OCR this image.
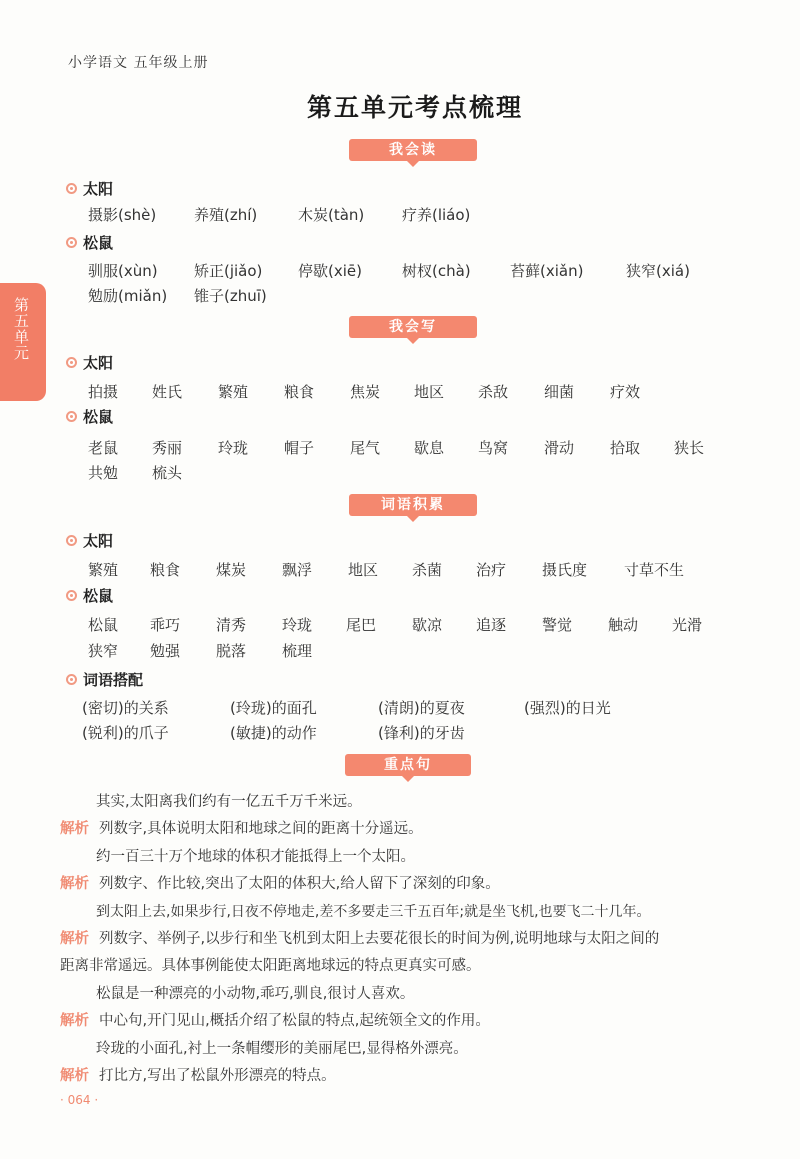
小学语文 五年级上册
第五单元考点梳理
第五单元
我会读
太阳
摄影(shè)	养殖(zhí)	木炭(tàn)	疗养(liáo)
松鼠
驯服(xùn) 矫正(jiǎo) 停歇(xiē)	树杈(chà)	苔藓(xiǎn)	狭窄(xiá)
勉励(miǎn) 锥子(zhuī)
我会写
太阳
拍摄 姓氏 繁殖 粮食 焦炭 地区 杀敌 细菌 疗效
松鼠
老鼠 秀丽 玲珑 帽子 尾气 歇息 鸟窝 滑动 拾取 狭长
共勉 梳头
词语积累
太阳
繁殖 粮食 煤炭 飘浮 地区 杀菌 治疗 摄氏度 寸草不生
松鼠
松鼠 乖巧 清秀 玲珑 尾巴 歇凉 追逐 警觉 触动 光滑
狭窄 勉强 脱落 梳理
词语搭配
(密切)的关系	(玲珑)的面孔	(清朗)的夏夜	(强烈)的日光
(锐利)的爪子	(敏捷)的动作	(锋利)的牙齿
重点句
其实,太阳离我们约有一亿五千万千米远。
解析 列数字,具体说明太阳和地球之间的距离十分遥远。
约一百三十万个地球的体积才能抵得上一个太阳。
解析 列数字、作比较,突出了太阳的体积大,给人留下了深刻的印象。
到太阳上去,如果步行,日夜不停地走,差不多要走三千五百年;就是坐飞机,也要飞二十几年。
解析 列数字、举例子,以步行和坐飞机到太阳上去要花很长的时间为例,说明地球与太阳之间的
距离非常遥远。具体事例能使太阳距离地球远的特点更真实可感。
松鼠是一种漂亮的小动物,乖巧,驯良,很讨人喜欢。
解析 中心句,开门见山,概括介绍了松鼠的特点,起统领全文的作用。
玲珑的小面孔,衬上一条帽缨形的美丽尾巴,显得格外漂亮。
解析 打比方,写出了松鼠外形漂亮的特点。
· 064 ·
